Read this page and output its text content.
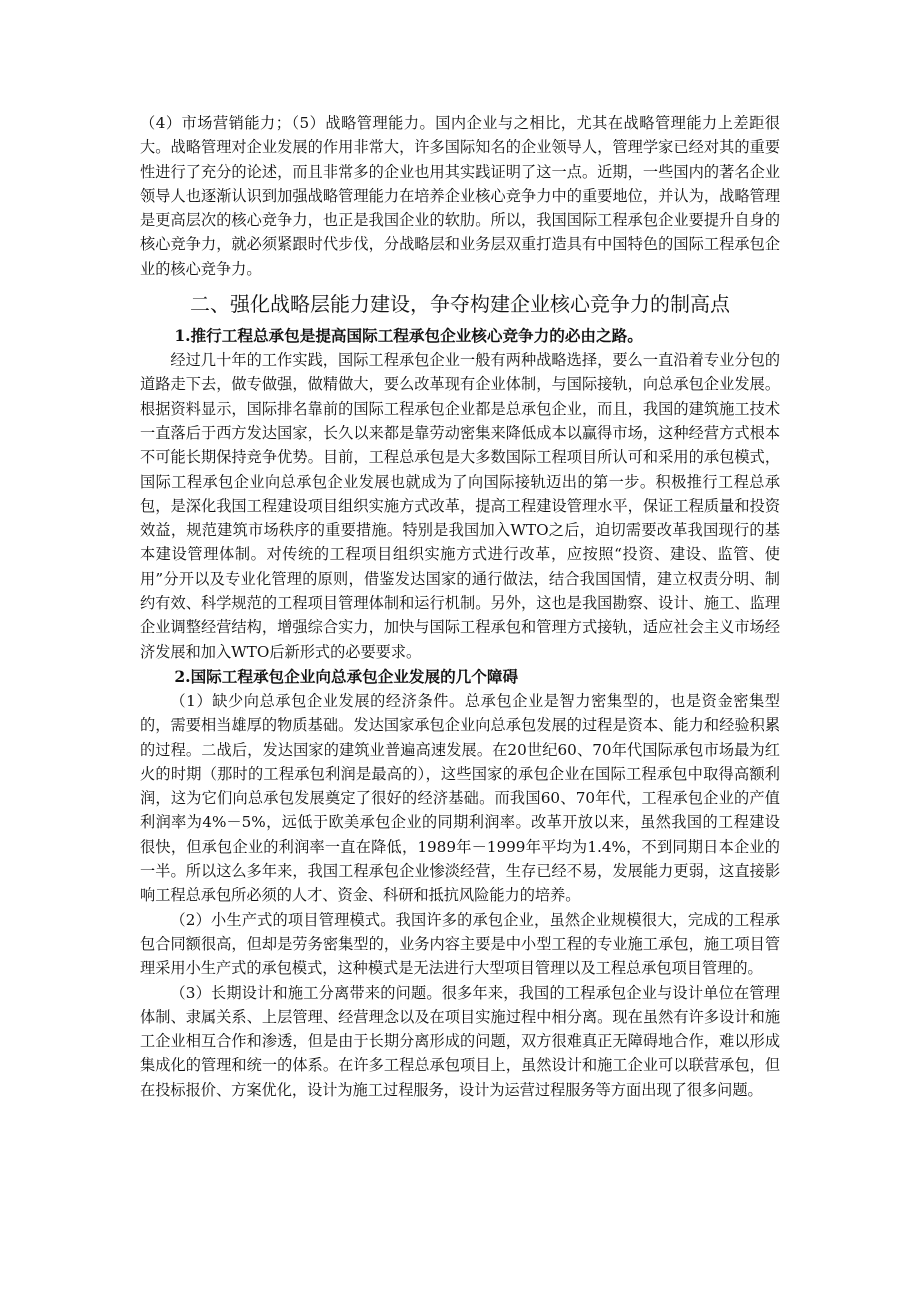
（4）市场营销能力；（5）战略管理能力。国内企业与之相比，尤其在战略管理能力上差距很大。战略管理对企业发展的作用非常大，许多国际知名的企业领导人，管理学家已经对其的重要性进行了充分的论述，而且非常多的企业也用其实践证明了这一点。近期，一些国内的著名企业领导人也逐渐认识到加强战略管理能力在培养企业核心竞争力中的重要地位，并认为，战略管理是更高层次的核心竞争力，也正是我国企业的软肋。所以，我国国际工程承包企业要提升自身的核心竞争力，就必须紧跟时代步伐，分战略层和业务层双重打造具有中国特色的国际工程承包企业的核心竞争力。

二、强化战略层能力建设，争夺构建企业核心竞争力的制高点

1.推行工程总承包是提高国际工程承包企业核心竞争力的必由之路。

经过几十年的工作实践，国际工程承包企业一般有两种战略选择，要么一直沿着专业分包的道路走下去，做专做强，做精做大，要么改革现有企业体制，与国际接轨，向总承包企业发展。根据资料显示，国际排名靠前的国际工程承包企业都是总承包企业，而且，我国的建筑施工技术一直落后于西方发达国家，长久以来都是靠劳动密集来降低成本以赢得市场，这种经营方式根本不可能长期保持竞争优势。目前，工程总承包是大多数国际工程项目所认可和采用的承包模式，国际工程承包企业向总承包企业发展也就成为了向国际接轨迈出的第一步。积极推行工程总承包，是深化我国工程建设项目组织实施方式改革，提高工程建设管理水平，保证工程质量和投资效益，规范建筑市场秩序的重要措施。特别是我国加入WTO之后，迫切需要改革我国现行的基本建设管理体制。对传统的工程项目组织实施方式进行改革，应按照“投资、建设、监管、使用”分开以及专业化管理的原则，借鉴发达国家的通行做法，结合我国国情，建立权责分明、制约有效、科学规范的工程项目管理体制和运行机制。另外，这也是我国勘察、设计、施工、监理企业调整经营结构，增强综合实力，加快与国际工程承包和管理方式接轨，适应社会主义市场经济发展和加入WTO后新形式的必要要求。

2.国际工程承包企业向总承包企业发展的几个障碍

（1）缺少向总承包企业发展的经济条件。总承包企业是智力密集型的，也是资金密集型的，需要相当雄厚的物质基础。发达国家承包企业向总承包发展的过程是资本、能力和经验积累的过程。二战后，发达国家的建筑业普遍高速发展。在20世纪60、70年代国际承包市场最为红火的时期（那时的工程承包利润是最高的），这些国家的承包企业在国际工程承包中取得高额利润，这为它们向总承包发展奠定了很好的经济基础。而我国60、70年代，工程承包企业的产值利润率为4%－5%，远低于欧美承包企业的同期利润率。改革开放以来，虽然我国的工程建设很快，但承包企业的利润率一直在降低，1989年－1999年平均为1.4%，不到同期日本企业的一半。所以这么多年来，我国工程承包企业惨淡经营，生存已经不易，发展能力更弱，这直接影响工程总承包所必须的人才、资金、科研和抵抗风险能力的培养。

（2）小生产式的项目管理模式。我国许多的承包企业，虽然企业规模很大，完成的工程承包合同额很高，但却是劳务密集型的，业务内容主要是中小型工程的专业施工承包，施工项目管理采用小生产式的承包模式，这种模式是无法进行大型项目管理以及工程总承包项目管理的。

（3）长期设计和施工分离带来的问题。很多年来，我国的工程承包企业与设计单位在管理体制、隶属关系、上层管理、经营理念以及在项目实施过程中相分离。现在虽然有许多设计和施工企业相互合作和渗透，但是由于长期分离形成的问题，双方很难真正无障碍地合作，难以形成集成化的管理和统一的体系。在许多工程总承包项目上，虽然设计和施工企业可以联营承包，但在投标报价、方案优化，设计为施工过程服务，设计为运营过程服务等方面出现了很多问题。
